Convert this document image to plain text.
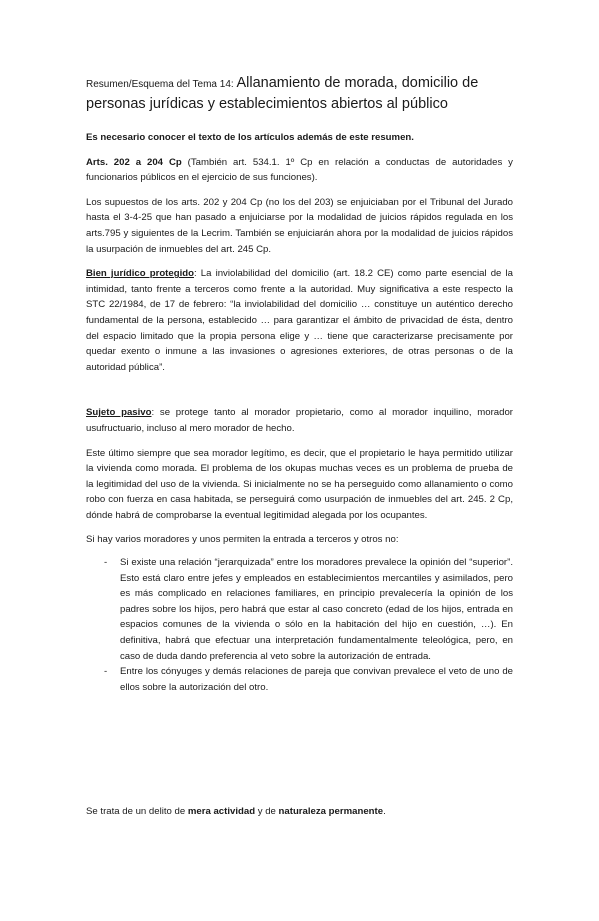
Resumen/Esquema del Tema 14: Allanamiento de morada, domicilio de personas jurídicas y establecimientos abiertos al público

Es necesario conocer el texto de los artículos además de este resumen.

Arts. 202 a 204 Cp (También art. 534.1. 1º Cp en relación a conductas de autoridades y funcionarios públicos en el ejercicio de sus funciones).

Los supuestos de los arts. 202 y 204 Cp (no los del 203) se enjuiciaban por el Tribunal del Jurado hasta el 3-4-25 que han pasado a enjuiciarse por la modalidad de juicios rápidos regulada en los arts.795 y siguientes de la Lecrim. También se enjuiciarán ahora por la modalidad de juicios rápidos la usurpación de inmuebles del art. 245 Cp.

Bien jurídico protegido: La inviolabilidad del domicilio (art. 18.2 CE) como parte esencial de la intimidad, tanto frente a terceros como frente a la autoridad. Muy significativa a este respecto la STC 22/1984, de 17 de febrero: “la inviolabilidad del domicilio … constituye un auténtico derecho fundamental de la persona, establecido … para garantizar el ámbito de privacidad de ésta, dentro del espacio limitado que la propia persona elige y … tiene que caracterizarse precisamente por quedar exento o inmune a las invasiones o agresiones exteriores, de otras personas o de la autoridad pública”.

Sujeto pasivo: se protege tanto al morador propietario, como al morador inquilino, morador usufructuario, incluso al mero morador de hecho.

Este último siempre que sea morador legítimo, es decir, que el propietario le haya permitido utilizar la vivienda como morada. El problema de los okupas muchas veces es un problema de prueba de la legitimidad del uso de la vivienda. Si inicialmente no se ha perseguido como allanamiento o como robo con fuerza en casa habitada, se perseguirá como usurpación de inmuebles del art. 245. 2 Cp, dónde habrá de comprobarse la eventual legitimidad alegada por los ocupantes.

Si hay varios moradores y unos permiten la entrada a terceros y otros no:

- Si existe una relación “jerarquizada” entre los moradores prevalece la opinión del “superior”. Esto está claro entre jefes y empleados en establecimientos mercantiles y asimilados, pero es más complicado en relaciones familiares, en principio prevalecería la opinión de los padres sobre los hijos, pero habrá que estar al caso concreto (edad de los hijos, entrada en espacios comunes de la vivienda o sólo en la habitación del hijo en cuestión, …). En definitiva, habrá que efectuar una interpretación fundamentalmente teleológica, pero, en caso de duda dando preferencia al veto sobre la autorización de entrada.
- Entre los cónyuges y demás relaciones de pareja que convivan prevalece el veto de uno de ellos sobre la autorización del otro.

Se trata de un delito de mera actividad y de naturaleza permanente.
